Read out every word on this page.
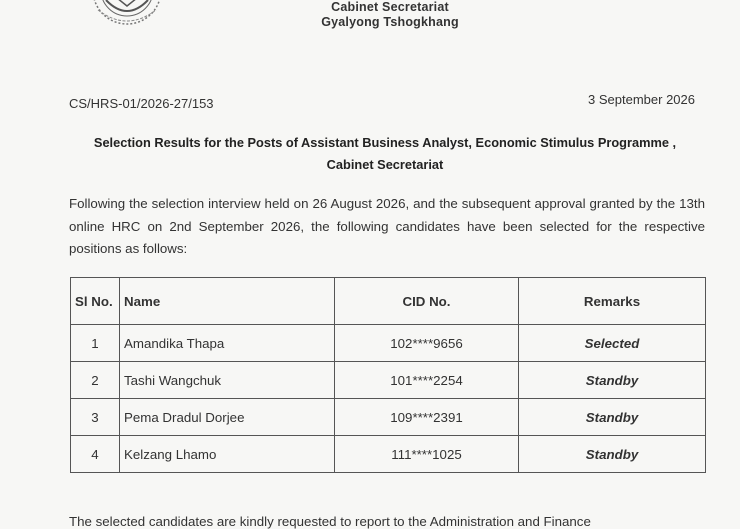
Cabinet Secretariat
Gyalyong Tshogkhang
CS/HRS-01/2026-27/153	3 September 2026
Selection Results for the Posts of Assistant Business Analyst, Economic Stimulus Programme , Cabinet Secretariat
Following the selection interview held on 26 August 2026, and the subsequent approval granted by the 13th online HRC on 2nd September 2026, the following candidates have been selected for the respective positions as follows:
Sl No.	Name	CID No.	Remarks
1	Amandika Thapa	102****9656	Selected
2	Tashi Wangchuk	101****2254	Standby
3	Pema Dradul Dorjee	109****2391	Standby
4	Kelzang Lhamo	111****1025	Standby
The selected candidates are kindly requested to report to the Administration and Finance
